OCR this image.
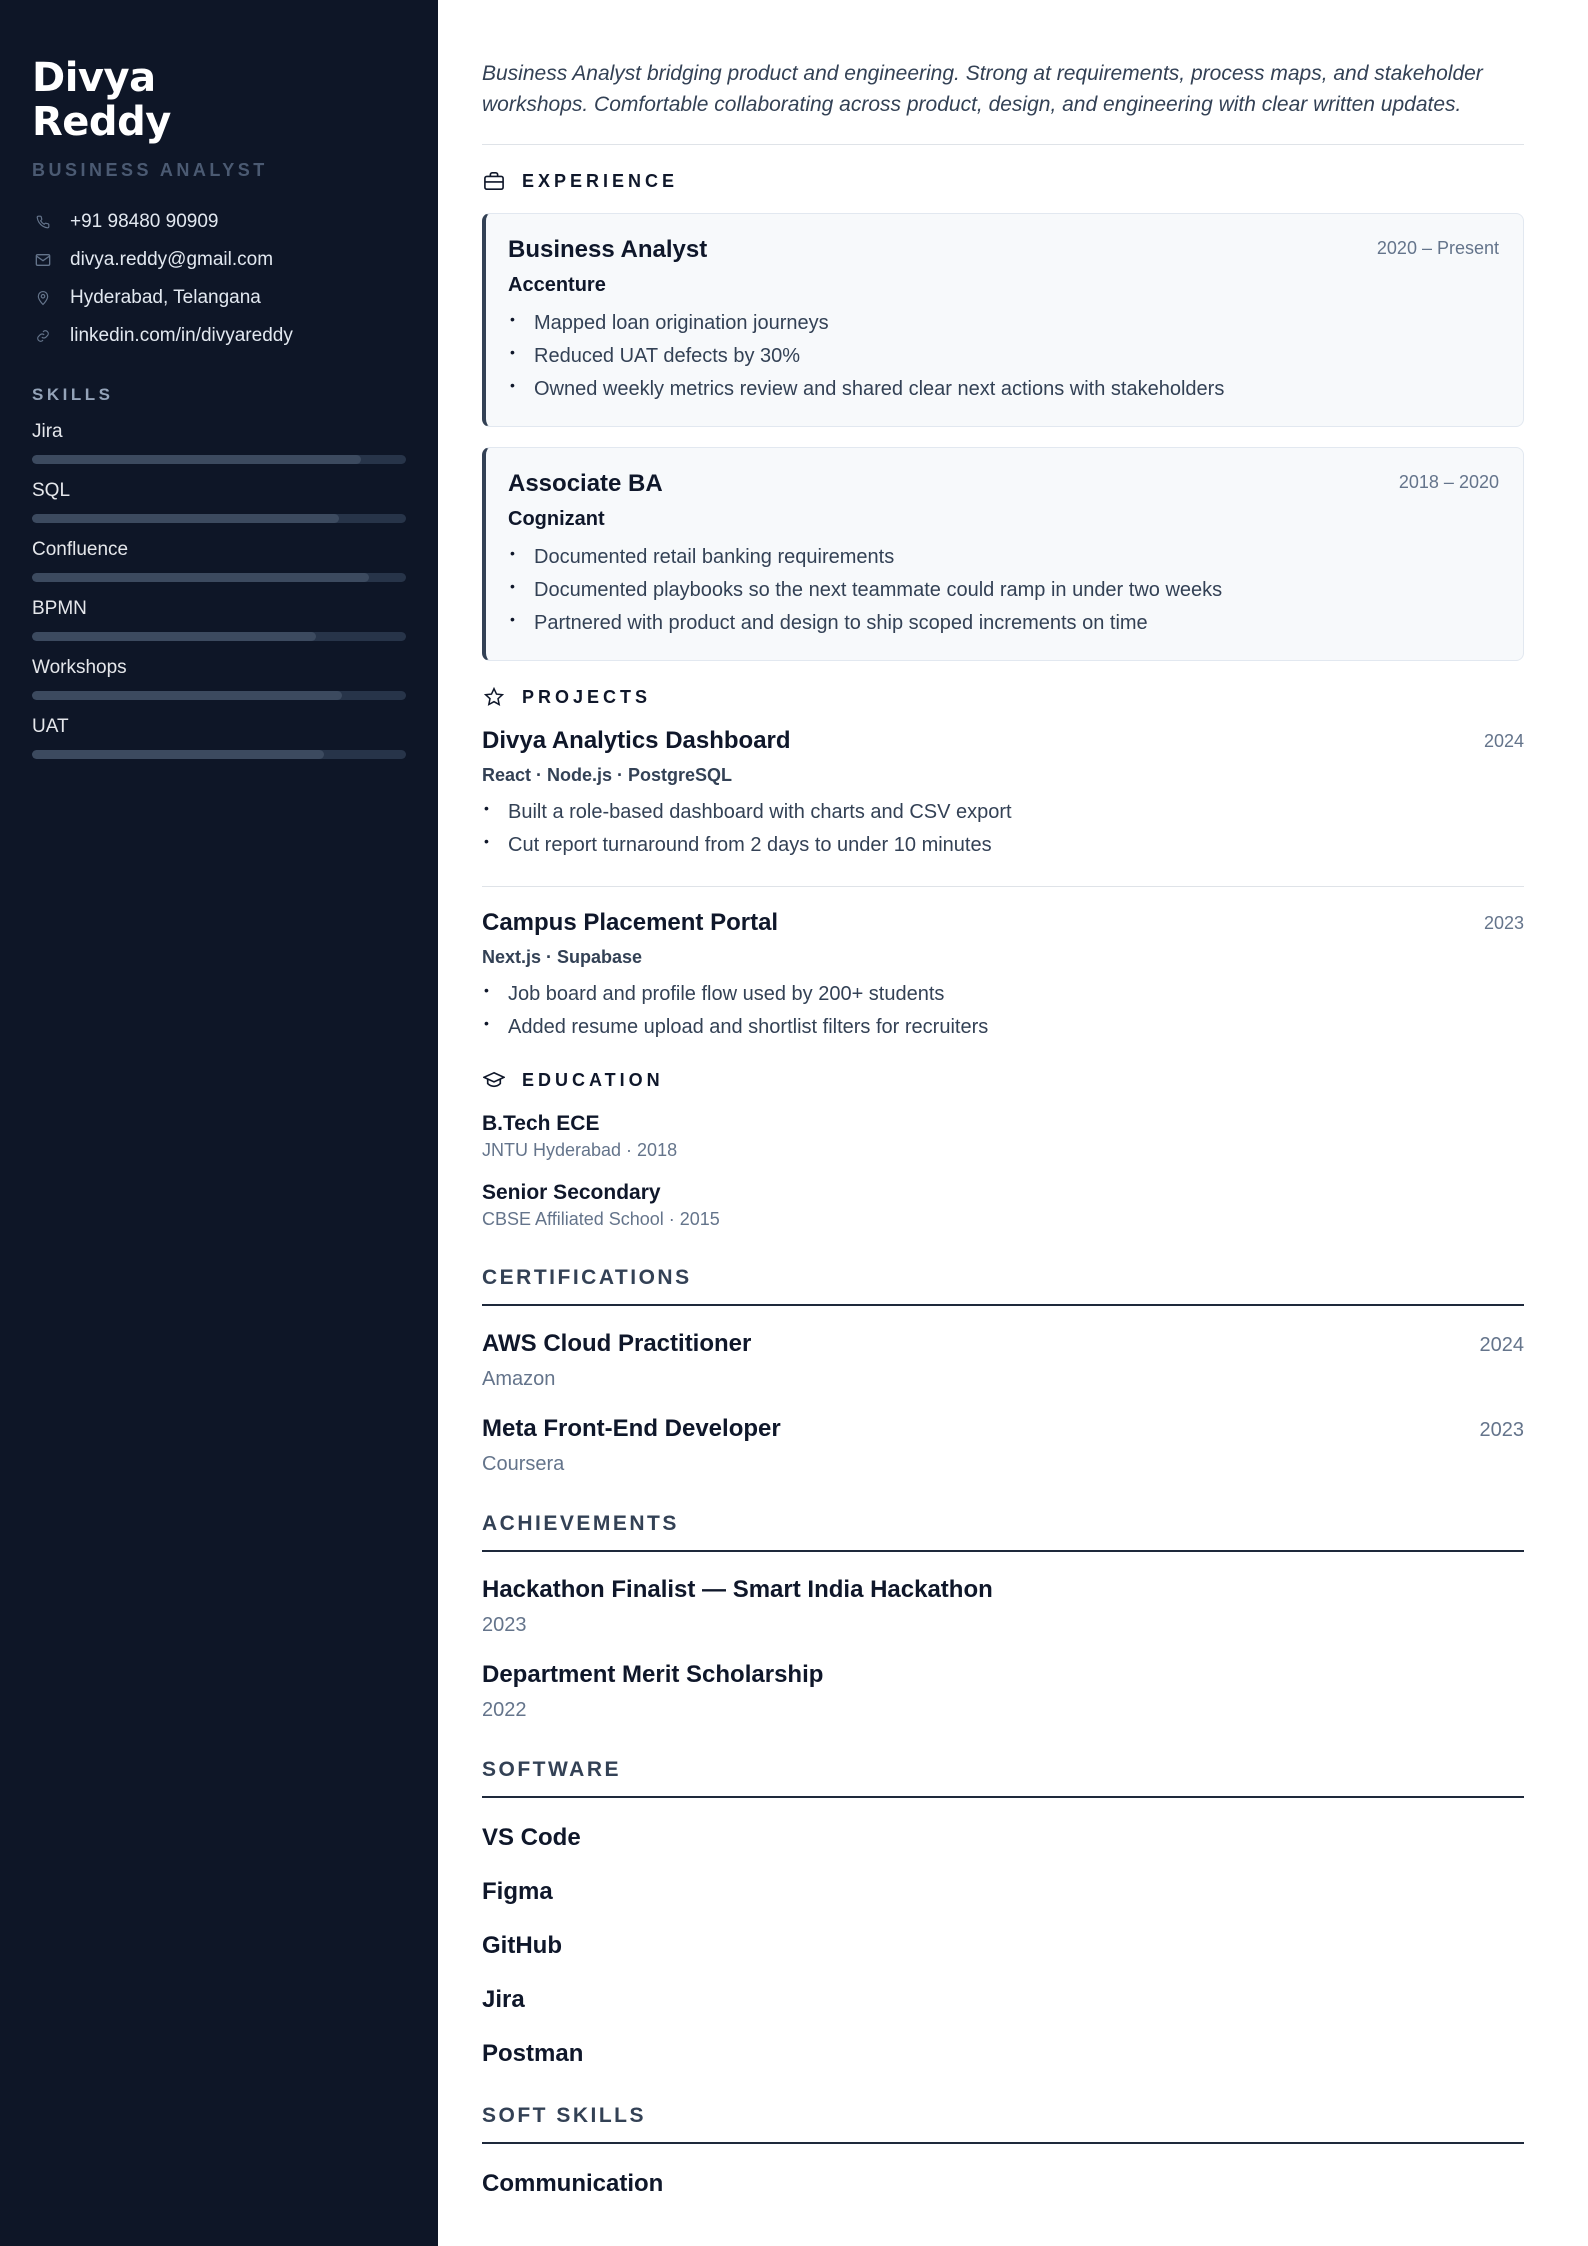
Divya
Reddy
BUSINESS ANALYST
+91 98480 90909
divya.reddy@gmail.com
Hyderabad, Telangana
linkedin.com/in/divyareddy
SKILLS
Jira
SQL
Confluence
BPMN
Workshops
UAT
Business Analyst bridging product and engineering. Strong at requirements, process maps, and stakeholder workshops. Comfortable collaborating across product, design, and engineering with clear written updates.
EXPERIENCE
Business Analyst	2020 – Present
Accenture
• Mapped loan origination journeys
• Reduced UAT defects by 30%
• Owned weekly metrics review and shared clear next actions with stakeholders
Associate BA	2018 – 2020
Cognizant
• Documented retail banking requirements
• Documented playbooks so the next teammate could ramp in under two weeks
• Partnered with product and design to ship scoped increments on time
PROJECTS
Divya Analytics Dashboard	2024
React · Node.js · PostgreSQL
• Built a role-based dashboard with charts and CSV export
• Cut report turnaround from 2 days to under 10 minutes
Campus Placement Portal	2023
Next.js · Supabase
• Job board and profile flow used by 200+ students
• Added resume upload and shortlist filters for recruiters
EDUCATION
B.Tech ECE
JNTU Hyderabad · 2018
Senior Secondary
CBSE Affiliated School · 2015
CERTIFICATIONS
AWS Cloud Practitioner	2024
Amazon
Meta Front-End Developer	2023
Coursera
ACHIEVEMENTS
Hackathon Finalist — Smart India Hackathon
2023
Department Merit Scholarship
2022
SOFTWARE
VS Code
Figma
GitHub
Jira
Postman
SOFT SKILLS
Communication
